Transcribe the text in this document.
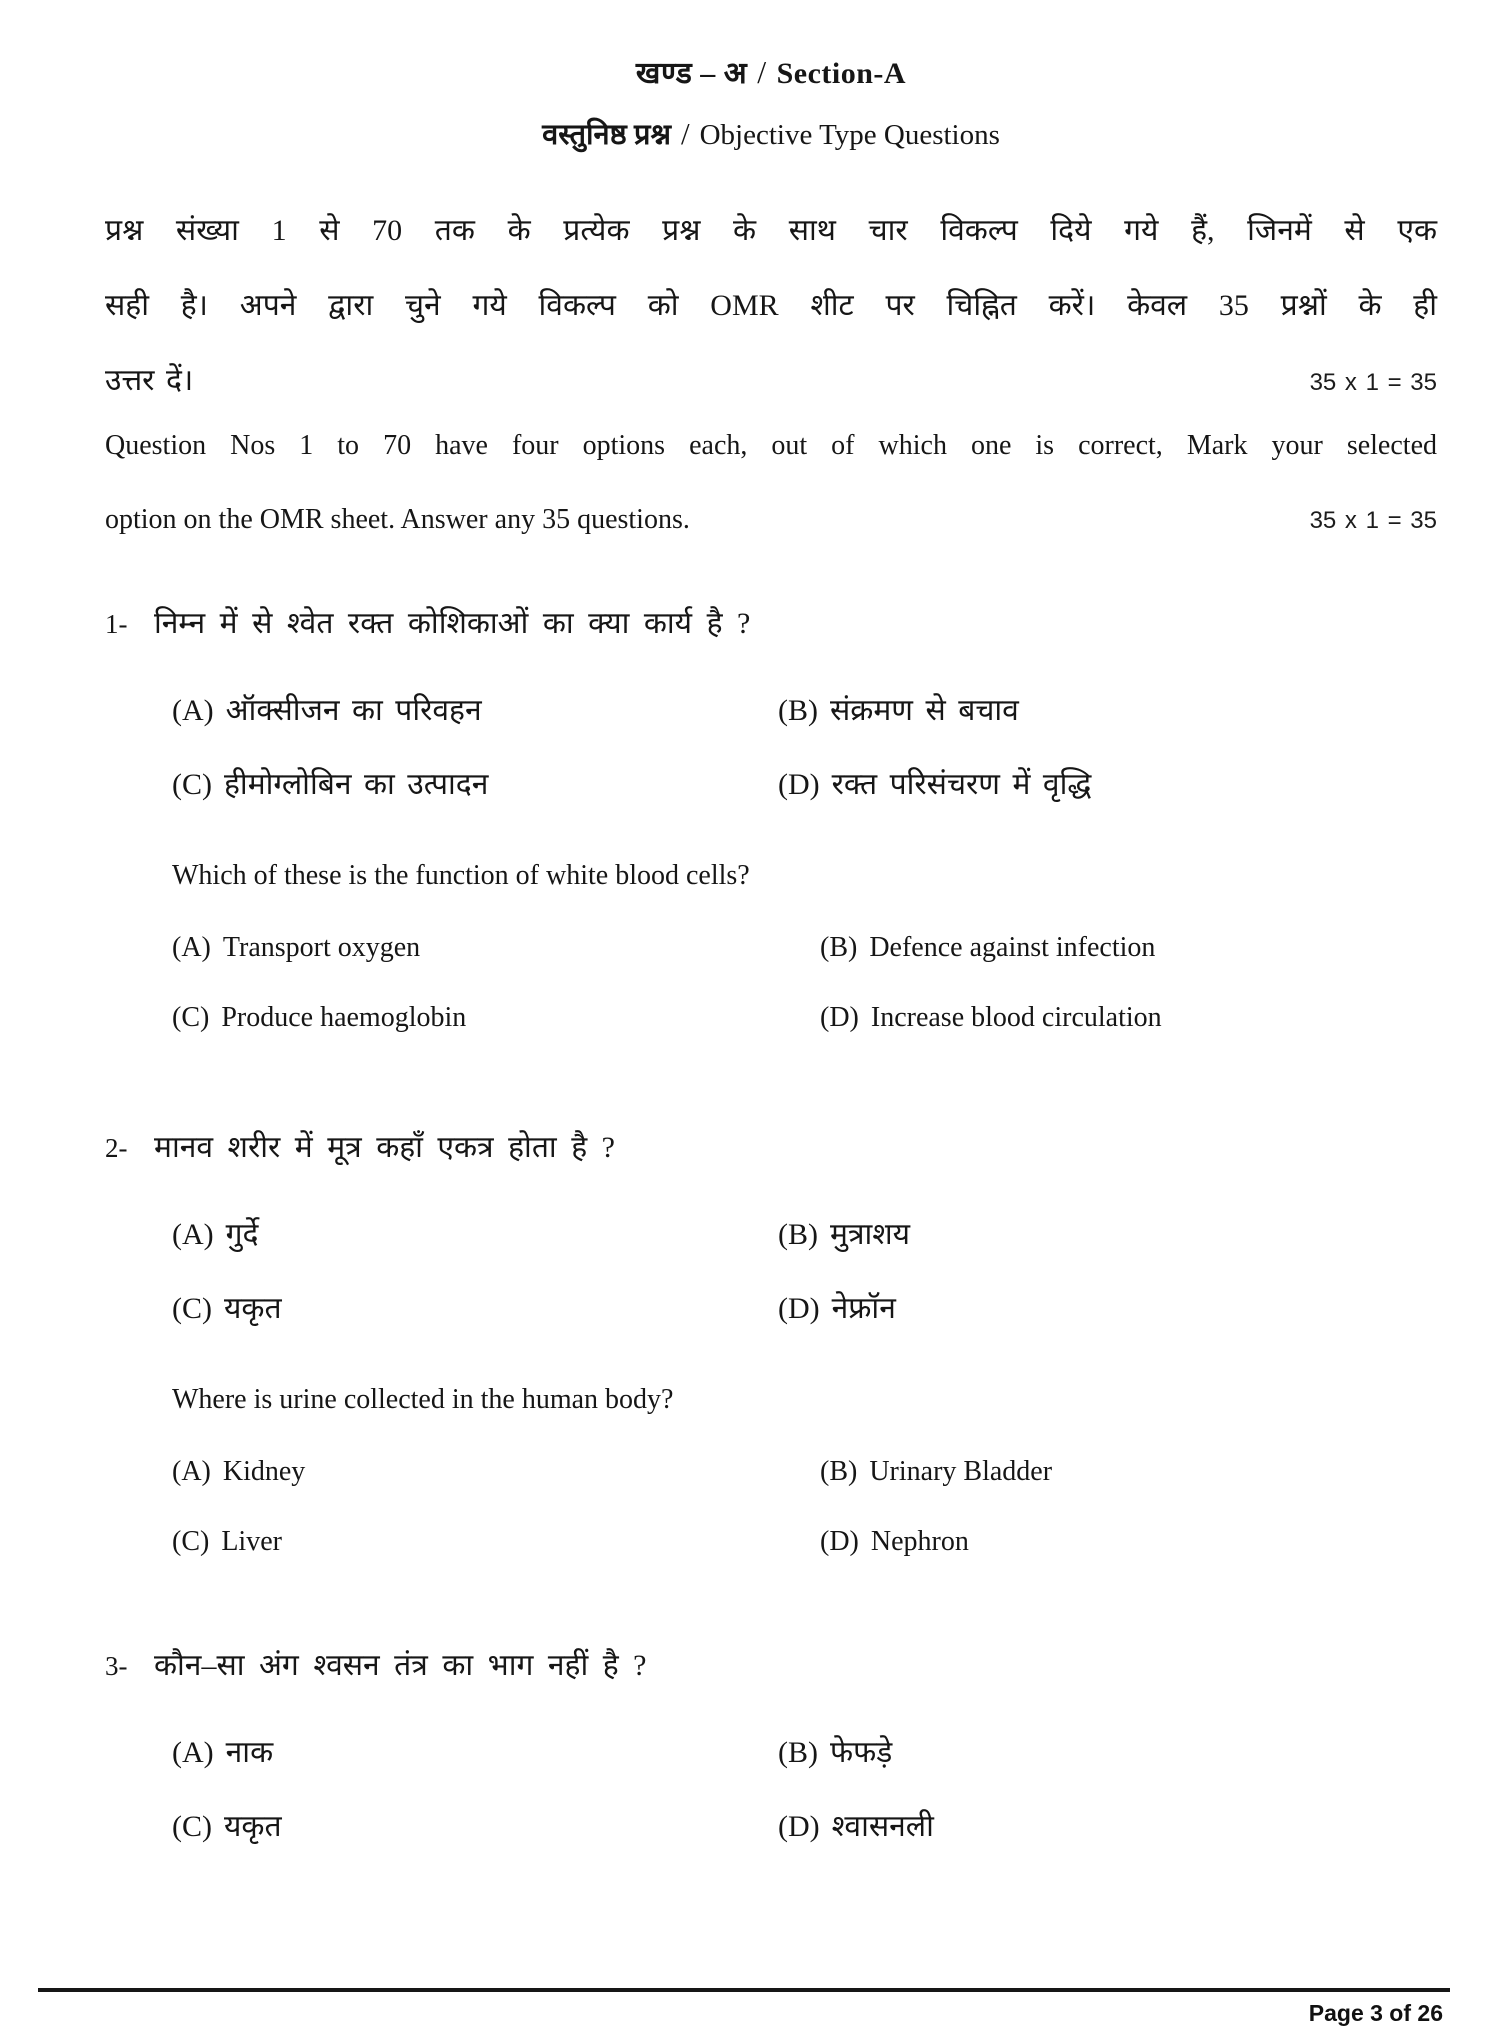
खण्ड – अ / Section-A
वस्तुनिष्ठ प्रश्न / Objective Type Questions
प्रश्न संख्या 1 से 70 तक के प्रत्येक प्रश्न के साथ चार विकल्प दिये गये हैं, जिनमें से एक
सही है। अपने द्वारा चुने गये विकल्प को OMR शीट पर चिह्नित करें। केवल 35 प्रश्नों के ही
उत्तर दें।	35 x 1 = 35
Question Nos 1 to 70 have four options each, out of which one is correct, Mark your selected
option on the OMR sheet. Answer any 35 questions.	35 x 1 = 35
1- निम्न में से श्वेत रक्त कोशिकाओं का क्या कार्य है ?
(A) ऑक्सीजन का परिवहन	(B) संक्रमण से बचाव
(C) हीमोग्लोबिन का उत्पादन	(D) रक्त परिसंचरण में वृद्धि
Which of these is the function of white blood cells?
(A) Transport oxygen	(B) Defence against infection
(C) Produce haemoglobin	(D) Increase blood circulation
2- मानव शरीर में मूत्र कहाँ एकत्र होता है ?
(A) गुर्दे	(B) मुत्राशय
(C) यकृत	(D) नेफ्रॉन
Where is urine collected in the human body?
(A) Kidney	(B) Urinary Bladder
(C) Liver	(D) Nephron
3- कौन–सा अंग श्वसन तंत्र का भाग नहीं है ?
(A) नाक	(B) फेफड़े
(C) यकृत	(D) श्वासनली
Page 3 of 26
